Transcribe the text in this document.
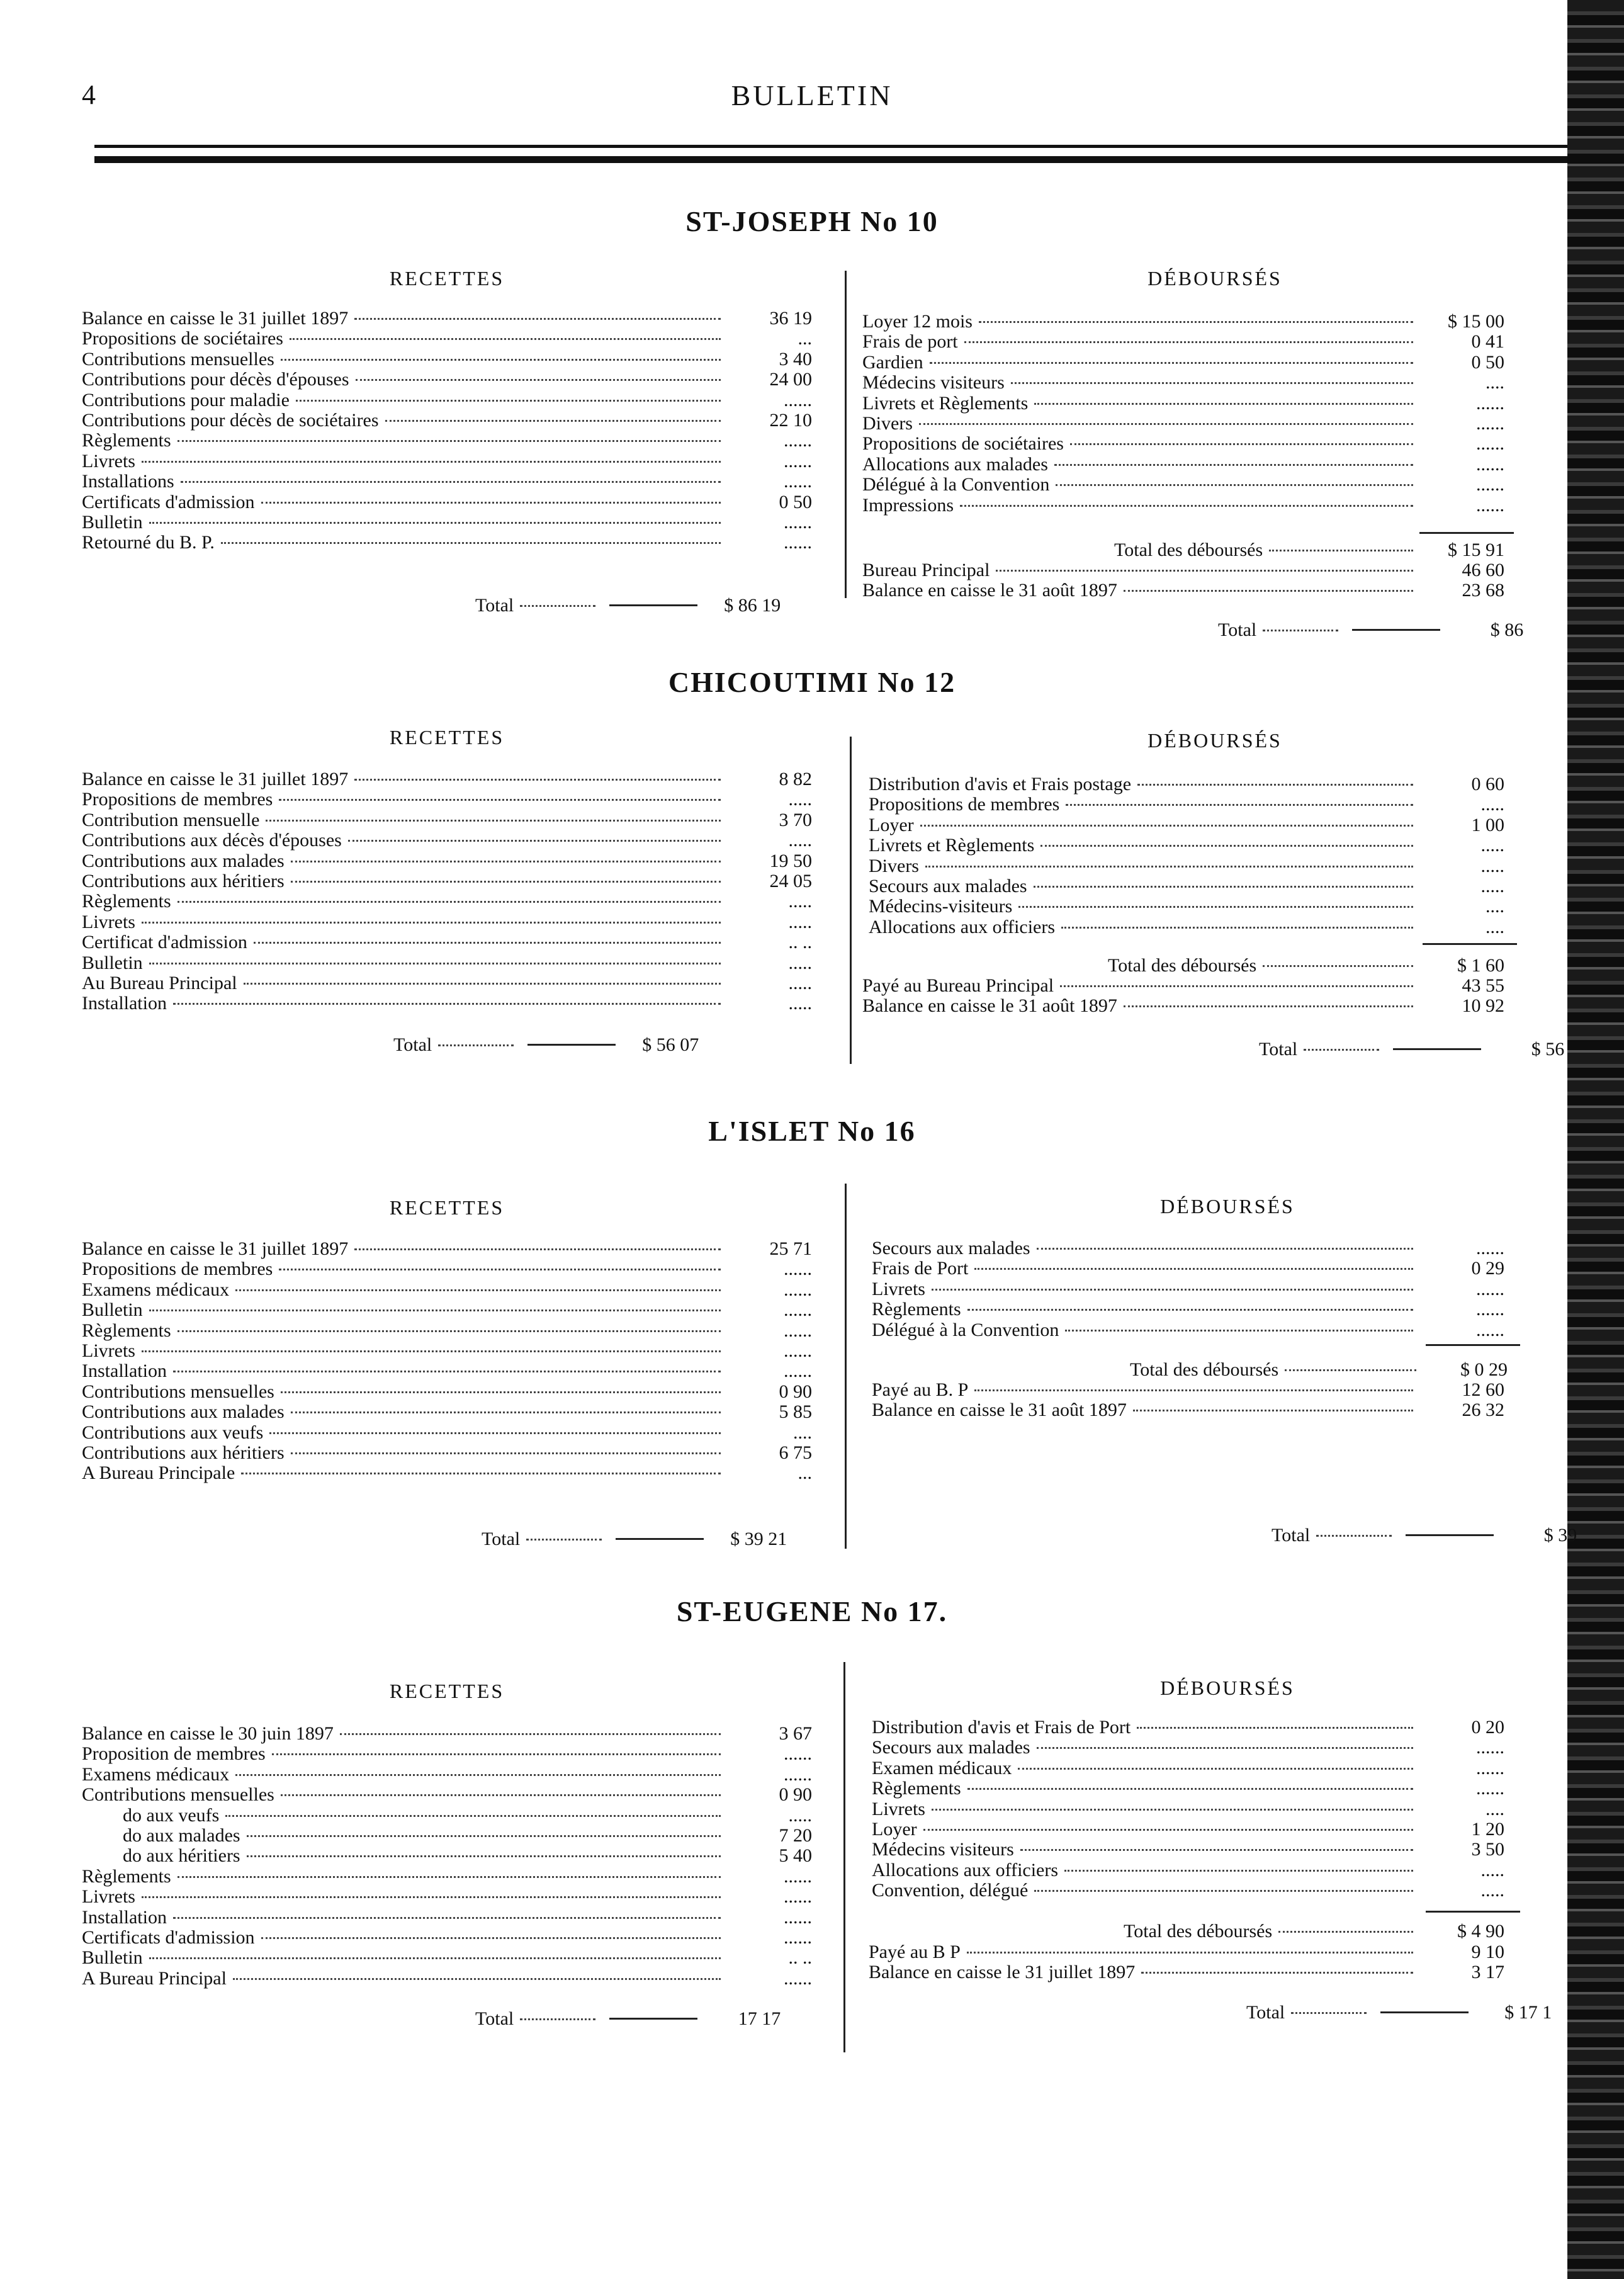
4	BULLETIN
ST-JOSEPH No 10
RECETTES	DÉBOURSÉS
Balance en caisse le 31 juillet 1897	36 19
Propositions de sociétaires	...
Contributions mensuelles	3 40
Contributions pour décès d'épouses	24 00
Contributions pour maladie	......
Contributions pour décès de sociétaires	22 10
Règlements	......
Livrets	......
Installations	......
Certificats d'admission	0 50
Bulletin	......
Retourné du B. P.	......
Total	$ 86 19
Loyer 12 mois	$ 15 00
Frais de port	0 41
Gardien	0 50
Médecins visiteurs	....
Livrets et Règlements	......
Divers	......
Propositions de sociétaires	......
Allocations aux malades	......
Délégué à la Convention	......
Impressions	......
Total des déboursés	$ 15 91
Bureau Principal	46 60
Balance en caisse le 31 août 1897	23 68
Total	$ 86
CHICOUTIMI No 12
RECETTES	DÉBOURSÉS
Balance en caisse le 31 juillet 1897	8 82
Propositions de membres	.....
Contribution mensuelle	3 70
Contributions aux décès d'épouses	.....
Contributions aux malades	19 50
Contributions aux héritiers	24 05
Règlements	.....
Livrets	.....
Certificat d'admission	.. ..
Bulletin	.....
Au Bureau Principal	.....
Installation	.....
Total	$ 56 07
Distribution d'avis et Frais postage	0 60
Propositions de membres	.....
Loyer	1 00
Livrets et Règlements	.....
Divers	.....
Secours aux malades	.....
Médecins-visiteurs	....
Allocations aux officiers	....
Total des déboursés	$ 1 60
Payé au Bureau Principal	43 55
Balance en caisse le 31 août 1897	10 92
Total	$ 56
L'ISLET No 16
RECETTES	DÉBOURSÉS
Balance en caisse le 31 juillet 1897	25 71
Propositions de membres	......
Examens médicaux	......
Bulletin	......
Règlements	......
Livrets	......
Installation	......
Contributions mensuelles	0 90
Contributions aux malades	5 85
Contributions aux veufs	....
Contributions aux héritiers	6 75
A Bureau Principale	...
Total	$ 39 21
Secours aux malades	......
Frais de Port	0 29
Livrets	......
Règlements	......
Délégué à la Convention	......
Total des déboursés	$ 0 29
Payé au B. P	12 60
Balance en caisse le 31 août 1897	26 32
Total	$ 39
ST-EUGENE No 17.
RECETTES	DÉBOURSÉS
Balance en caisse le 30 juin 1897	3 67
Proposition de membres	......
Examens médicaux	......
Contributions mensuelles	0 90
do aux veufs	.....
do aux malades	7 20
do aux héritiers	5 40
Règlements	......
Livrets	......
Installation	......
Certificats d'admission	......
Bulletin	.. ..
A Bureau Principal	......
Total	17 17
Distribution d'avis et Frais de Port	0 20
Secours aux malades	......
Examen médicaux	......
Règlements	......
Livrets	....
Loyer	1 20
Médecins visiteurs	3 50
Allocations aux officiers	.....
Convention, délégué	.....
Total des déboursés	$ 4 90
Payé au B P	9 10
Balance en caisse le 31 juillet 1897	3 17
Total	$ 17 1
